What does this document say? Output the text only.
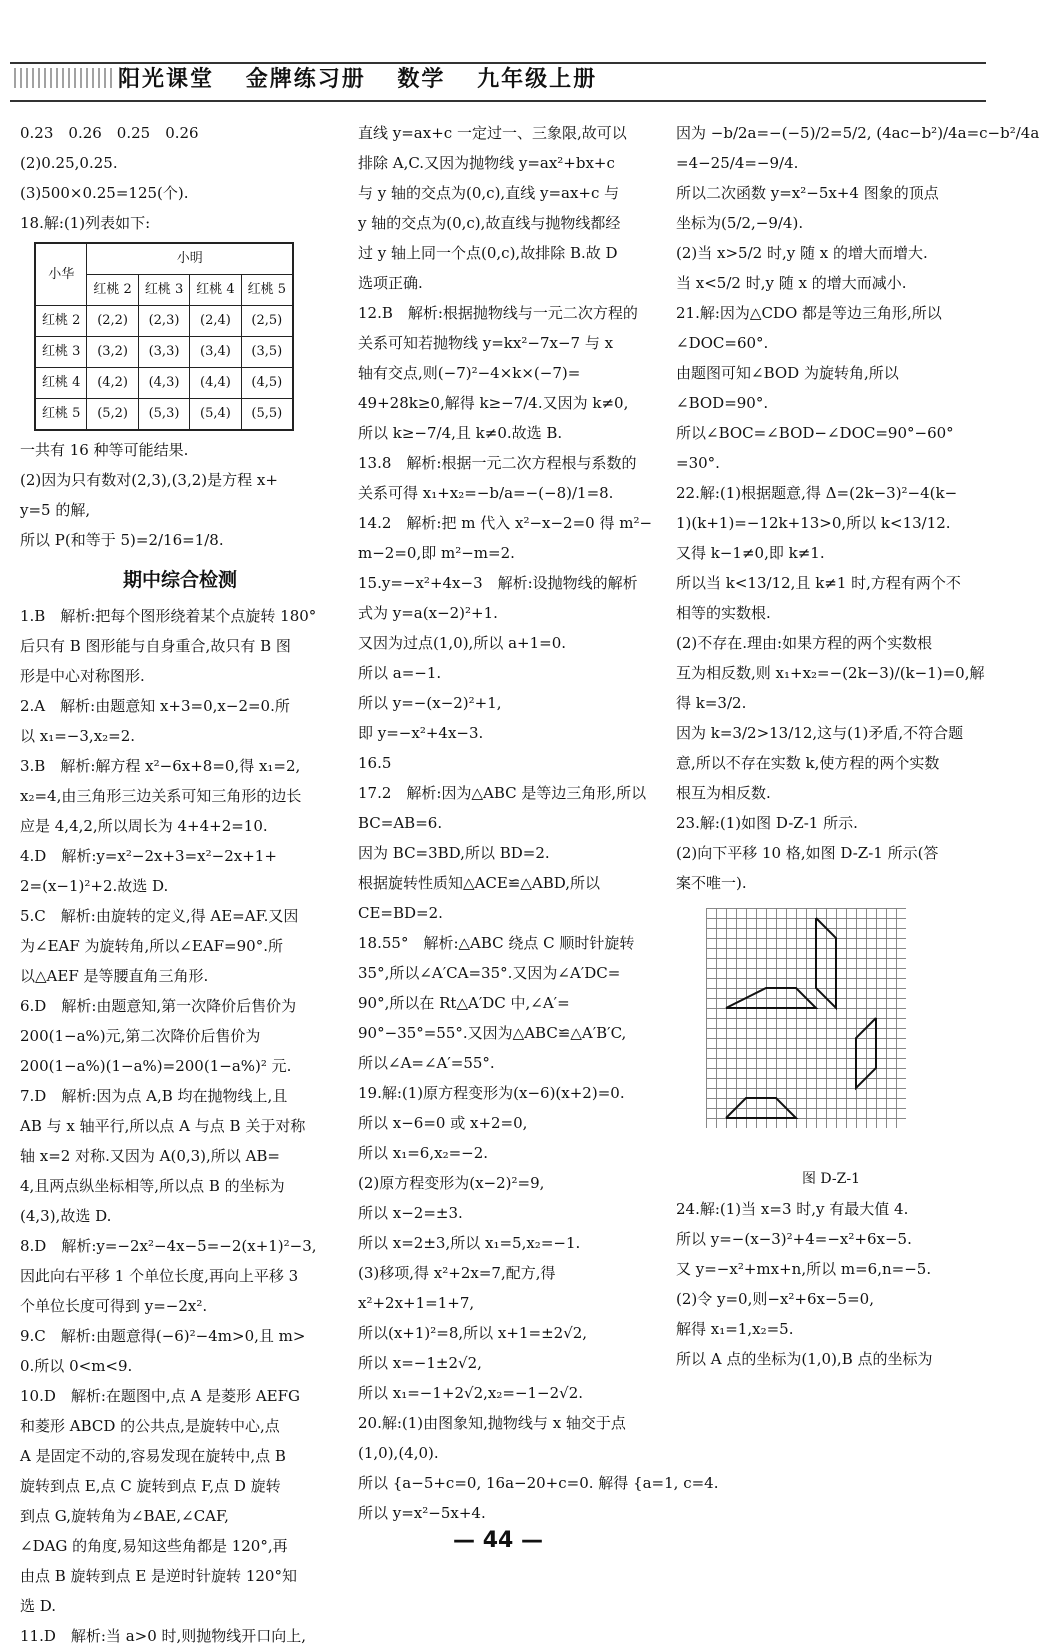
阳光课堂 金牌练习册 数学 九年级上册

0.23　0.26　0.25　0.26

(2)0.25,0.25.

(3)500×0.25=125(个).

18.解:(1)列表如下:

小华	小明			
	红桃 2	红桃 3	红桃 4	红桃 5
红桃 2	(2,2)	(2,3)	(2,4)	(2,5)
红桃 3	(3,2)	(3,3)	(3,4)	(3,5)
红桃 4	(4,2)	(4,3)	(4,4)	(4,5)
红桃 5	(5,2)	(5,3)	(5,4)	(5,5)

一共有 16 种等可能结果.

(2)因为只有数对(2,3),(3,2)是方程 x+

y=5 的解,

所以 P(和等于 5)=2/16=1/8.

期中综合检测

1.B　解析:把每个图形绕着某个点旋转 180°

后只有 B 图形能与自身重合,故只有 B 图

形是中心对称图形.

2.A　解析:由题意知 x+3=0,x−2=0.所

以 x₁=−3,x₂=2.

3.B　解析:解方程 x²−6x+8=0,得 x₁=2,

x₂=4,由三角形三边关系可知三角形的边长

应是 4,4,2,所以周长为 4+4+2=10.

4.D　解析:y=x²−2x+3=x²−2x+1+

2=(x−1)²+2.故选 D.

5.C　解析:由旋转的定义,得 AE=AF.又因

为∠EAF 为旋转角,所以∠EAF=90°.所

以△AEF 是等腰直角三角形.

6.D　解析:由题意知,第一次降价后售价为

200(1−a%)元,第二次降价后售价为

200(1−a%)(1−a%)=200(1−a%)² 元.

7.D　解析:因为点 A,B 均在抛物线上,且

AB 与 x 轴平行,所以点 A 与点 B 关于对称

轴 x=2 对称.又因为 A(0,3),所以 AB=

4,且两点纵坐标相等,所以点 B 的坐标为

(4,3),故选 D.

8.D　解析:y=−2x²−4x−5=−2(x+1)²−3,

因此向右平移 1 个单位长度,再向上平移 3

个单位长度可得到 y=−2x².

9.C　解析:由题意得(−6)²−4m>0,且 m>

0.所以 0<m<9.

10.D　解析:在题图中,点 A 是菱形 AEFG

和菱形 ABCD 的公共点,是旋转中心,点

A 是固定不动的,容易发现在旋转中,点 B

旋转到点 E,点 C 旋转到点 F,点 D 旋转

到点 G,旋转角为∠BAE,∠CAF,

∠DAG 的角度,易知这些角都是 120°,再

由点 B 旋转到点 E 是逆时针旋转 120°知

选 D.

11.D　解析:当 a>0 时,则抛物线开口向上,

直线 y=ax+c 一定过一、三象限,故可以

排除 A,C.又因为抛物线 y=ax²+bx+c

与 y 轴的交点为(0,c),直线 y=ax+c 与

y 轴的交点为(0,c),故直线与抛物线都经

过 y 轴上同一个点(0,c),故排除 B.故 D

选项正确.

12.B　解析:根据抛物线与一元二次方程的

关系可知若抛物线 y=kx²−7x−7 与 x

轴有交点,则(−7)²−4×k×(−7)=

49+28k≥0,解得 k≥−7/4.又因为 k≠0,

所以 k≥−7/4,且 k≠0.故选 B.

13.8　解析:根据一元二次方程根与系数的

关系可得 x₁+x₂=−b/a=−(−8)/1=8.

14.2　解析:把 m 代入 x²−x−2=0 得 m²−

m−2=0,即 m²−m=2.

15.y=−x²+4x−3　解析:设抛物线的解析

式为 y=a(x−2)²+1.

又因为过点(1,0),所以 a+1=0.

所以 a=−1.

所以 y=−(x−2)²+1,

即 y=−x²+4x−3.

16.5

17.2　解析:因为△ABC 是等边三角形,所以

BC=AB=6.

因为 BC=3BD,所以 BD=2.

根据旋转性质知△ACE≌△ABD,所以

CE=BD=2.

18.55°　解析:△ABC 绕点 C 顺时针旋转

35°,所以∠A′CA=35°.又因为∠A′DC=

90°,所以在 Rt△A′DC 中,∠A′=

90°−35°=55°.又因为△ABC≌△A′B′C,

所以∠A=∠A′=55°.

19.解:(1)原方程变形为(x−6)(x+2)=0.

所以 x−6=0 或 x+2=0,

所以 x₁=6,x₂=−2.

(2)原方程变形为(x−2)²=9,

所以 x−2=±3.

所以 x=2±3,所以 x₁=5,x₂=−1.

(3)移项,得 x²+2x=7,配方,得

x²+2x+1=1+7,

所以(x+1)²=8,所以 x+1=±2√2,

所以 x=−1±2√2,

所以 x₁=−1+2√2,x₂=−1−2√2.

20.解:(1)由图象知,抛物线与 x 轴交于点

(1,0),(4,0).

所以 {a−5+c=0, 16a−20+c=0. 解得 {a=1, c=4.

所以 y=x²−5x+4.

因为 −b/2a=−(−5)/2=5/2, (4ac−b²)/4a=c−b²/4a

=4−25/4=−9/4.

所以二次函数 y=x²−5x+4 图象的顶点

坐标为(5/2,−9/4).

(2)当 x>5/2 时,y 随 x 的增大而增大.

当 x<5/2 时,y 随 x 的增大而减小.

21.解:因为△CDO 都是等边三角形,所以

∠DOC=60°.

由题图可知∠BOD 为旋转角,所以

∠BOD=90°.

所以∠BOC=∠BOD−∠DOC=90°−60°

=30°.

22.解:(1)根据题意,得 Δ=(2k−3)²−4(k−

1)(k+1)=−12k+13>0,所以 k<13/12.

又得 k−1≠0,即 k≠1.

所以当 k<13/12,且 k≠1 时,方程有两个不

相等的实数根.

(2)不存在.理由:如果方程的两个实数根

互为相反数,则 x₁+x₂=−(2k−3)/(k−1)=0,解

得 k=3/2.

因为 k=3/2>13/12,这与(1)矛盾,不符合题

意,所以不存在实数 k,使方程的两个实数

根互为相反数.

23.解:(1)如图 D-Z-1 所示.

(2)向下平移 10 格,如图 D-Z-1 所示(答

案不唯一).

图 D-Z-1

24.解:(1)当 x=3 时,y 有最大值 4.

所以 y=−(x−3)²+4=−x²+6x−5.

又 y=−x²+mx+n,所以 m=6,n=−5.

(2)令 y=0,则−x²+6x−5=0,

解得 x₁=1,x₂=5.

所以 A 点的坐标为(1,0),B 点的坐标为

— 44 —
